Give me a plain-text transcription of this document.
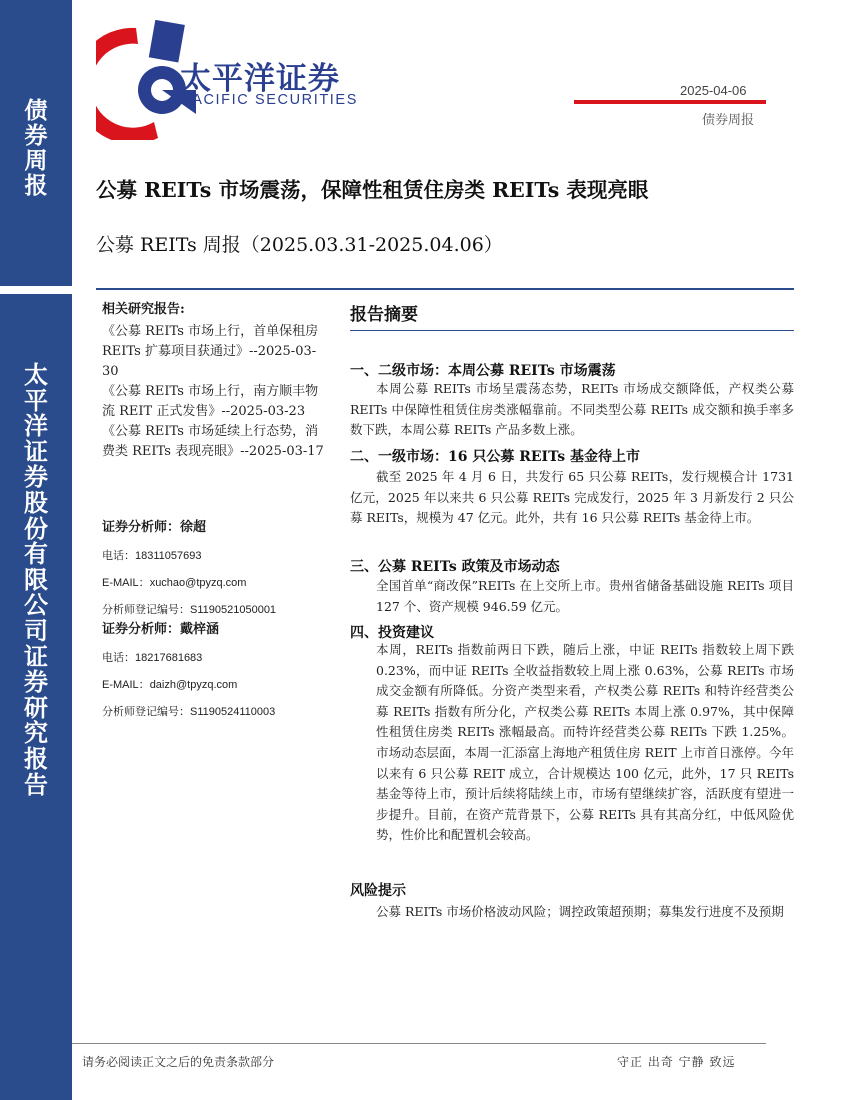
债
券
周
报
太
平
洋
证
券
股
份
有
限
公
司
证
券
研
究
报
告
太平洋证券
PACIFIC SECURITIES
2025-04-06
债券周报
公募 REITs 市场震荡，保障性租赁住房类 REITs 表现亮眼
公募 REITs 周报（2025.03.31-2025.04.06）
相关研究报告:
《公募 REITs 市场上行，首单保租房 REITs 扩募项目获通过》--2025-03-30
《公募 REITs 市场上行，南方顺丰物流 REIT 正式发售》--2025-03-23
《公募 REITs 市场延续上行态势，消费类 REITs 表现亮眼》--2025-03-17
证券分析师：徐超
电话：18311057693
E-MAIL：xuchao@tpyzq.com
分析师登记编号：S1190521050001
证券分析师：戴梓涵
电话：18217681683
E-MAIL：daizh@tpyzq.com
分析师登记编号：S1190524110003
报告摘要
一、二级市场：本周公募 REITs 市场震荡
本周公募 REITs 市场呈震荡态势，REITs 市场成交额降低，产权类公募 REITs 中保障性租赁住房类涨幅靠前。不同类型公募 REITs 成交额和换手率多数下跌，本周公募 REITs 产品多数上涨。
二、一级市场：16 只公募 REITs 基金待上市
截至 2025 年 4 月 6 日，共发行 65 只公募 REITs，发行规模合计 1731 亿元，2025 年以来共 6 只公募 REITs 完成发行，2025 年 3 月新发行 2 只公募 REITs，规模为 47 亿元。此外，共有 16 只公募 REITs 基金待上市。
三、公募 REITs 政策及市场动态
全国首单“商改保”REITs 在上交所上市。贵州省储备基础设施 REITs 项目 127 个、资产规模 946.59 亿元。
四、投资建议
本周，REITs 指数前两日下跌，随后上涨，中证 REITs 指数较上周下跌 0.23%，而中证 REITs 全收益指数较上周上涨 0.63%，公募 REITs 市场成交金额有所降低。分资产类型来看，产权类公募 REITs 和特许经营类公募 REITs 指数有所分化，产权类公募 REITs 本周上涨 0.97%，其中保障性租赁住房类 REITs 涨幅最高。而特许经营类公募 REITs 下跌 1.25%。市场动态层面，本周一汇添富上海地产租赁住房 REIT 上市首日涨停。今年以来有 6 只公募 REIT 成立，合计规模达 100 亿元，此外，17 只 REITs 基金等待上市，预计后续将陆续上市，市场有望继续扩容，活跃度有望进一步提升。目前，在资产荒背景下，公募 REITs 具有其高分红，中低风险优势，性价比和配置机会较高。
风险提示
公募 REITs 市场价格波动风险；调控政策超预期；募集发行进度不及预期
请务必阅读正文之后的免责条款部分	守正 出奇 宁静 致远
